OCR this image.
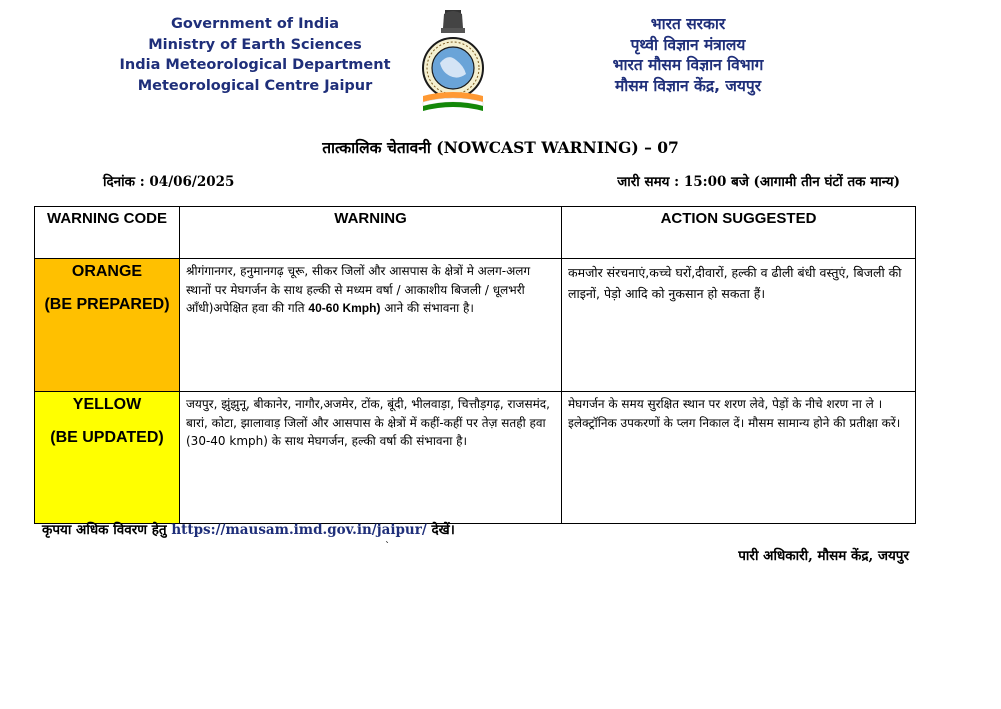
Government of India
Ministry of Earth Sciences
India Meteorological Department
Meteorological Centre Jaipur
भारत सरकार
पृथ्वी विज्ञान मंत्रालय
भारत मौसम विज्ञान विभाग
मौसम विज्ञान केंद्र, जयपुर
तात्कालिक चेतावनी (NOWCAST WARNING) – 07
दिनांक : 04/06/2025	जारी समय : 15:00 बजे (आगामी तीन घंटों तक मान्य)
WARNING CODE	WARNING	ACTION SUGGESTED

ORANGE
(BE PREPARED)	श्रीगंगानगर, हनुमानगढ़ चूरू, सीकर जिलों और आसपास के क्षेत्रों मे अलग-अलग स्थानों पर मेघगर्जन के साथ हल्की से मध्यम वर्षा / आकाशीय बिजली / धूलभरी आँधी)अपेक्षित हवा की गति 40-60 Kmph) आने की संभावना है।	कमजोर संरचनाएं,कच्चे घरों,दीवारों, हल्की व ढीली बंधी वस्तुएं, बिजली की लाइनों, पेड़ो आदि को नुकसान हो सकता हैं।

YELLOW
(BE UPDATED)	जयपुर, झुंझुनू, बीकानेर, नागौर,अजमेर, टोंक, बूंदी, भीलवाड़ा, चित्तौड़गढ़, राजसमंद, बारां, कोटा, झालावाड़ जिलों और आसपास के क्षेत्रों में कहीं-कहीं पर तेज़ सतही हवा (30-40 kmph) के साथ मेघगर्जन, हल्की वर्षा की संभावना है।	मेघगर्जन के समय सुरक्षित स्थान पर शरण लेवे, पेड़ों के नीचे शरण ना ले । इलेक्ट्रॉनिक उपकरणों के प्लग निकाल दें। मौसम सामान्य होने की प्रतीक्षा करें।
कृपया अधिक विवरण हेतु https://mausam.imd.gov.in/jaipur/ देखें।
`
पारी अधिकारी, मौसम केंद्र, जयपुर
